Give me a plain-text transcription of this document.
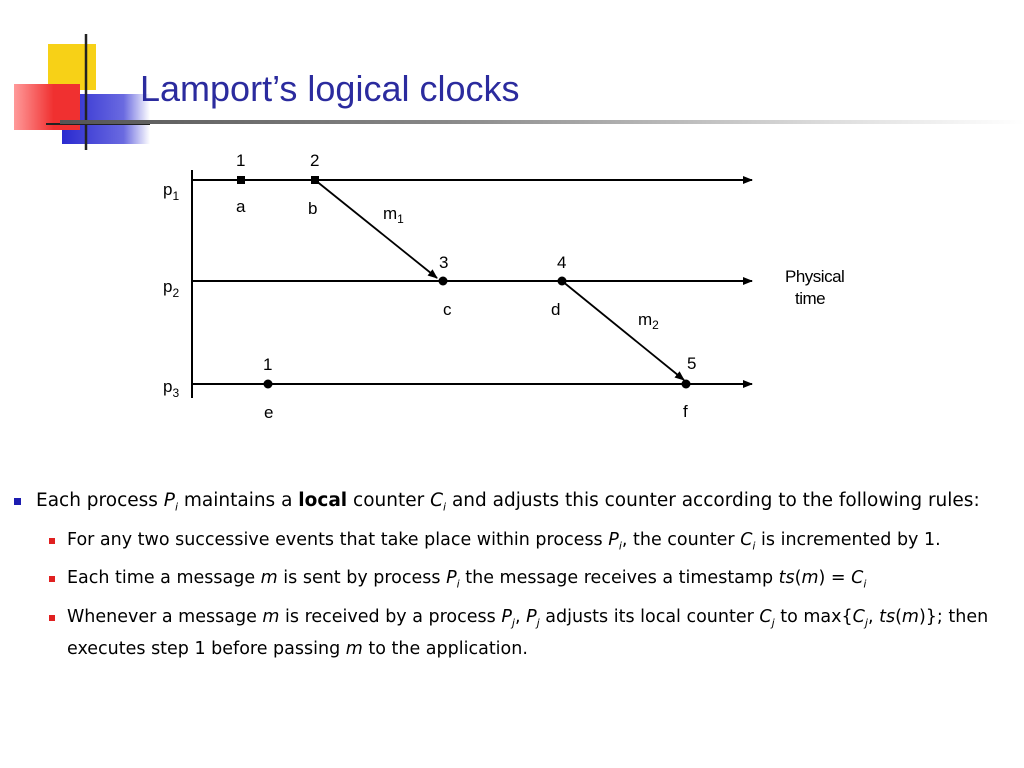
Lamport’s logical clocks
$p_1$
$p_2$
$p_3$
1	2
3	4
1	5
a	b
c	d
e	f
$m_1$
$m_2$
Physical
time
Each process $P_i$ maintains a local counter $C_i$ and adjusts this counter according to the following rules:
For any two successive events that take place within process $P_i$, the counter $C_i$ is incremented by 1.
Each time a message m is sent by process $P_i$ the message receives a timestamp $ts(m) = C_i$
Whenever a message m is received by a process $P_j$, $P_j$ adjusts its local counter $C_j$ to $\max\{C_j$, ts(m)}; then executes step 1 before passing m to the application.
